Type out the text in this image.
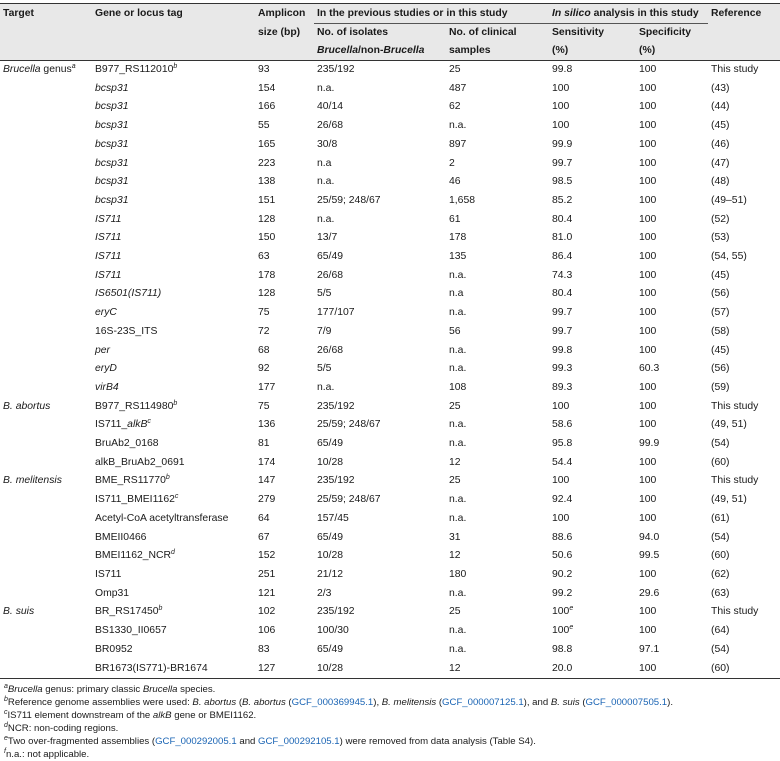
Target	Gene or locus tag	Amplicon	In the previous studies or in this study		In silico analysis in this study		Reference
		size (bp)	No. of isolates	No. of clinical	Sensitivity	Specificity	
			Brucella/non-Brucella	samples	(%)	(%)	
Brucella genus$^a$	B977_RS112010$^b$	93	235/192	25	99.8	100	This study
	bcsp31	154	n.a.	487	100	100	(43)
	bcsp31	166	40/14	62	100	100	(44)
	bcsp31	55	26/68	n.a.	100	100	(45)
	bcsp31	165	30/8	897	99.9	100	(46)
	bcsp31	223	n.a	2	99.7	100	(47)
	bcsp31	138	n.a.	46	98.5	100	(48)
	bcsp31	151	25/59; 248/67	1,658	85.2	100	(49–51)
	IS711	128	n.a.	61	80.4	100	(52)
	IS711	150	13/7	178	81.0	100	(53)
	IS711	63	65/49	135	86.4	100	(54, 55)
	IS711	178	26/68	n.a.	74.3	100	(45)
	IS6501(IS711)	128	5/5	n.a	80.4	100	(56)
	eryC	75	177/107	n.a.	99.7	100	(57)
	16S-23S_ITS	72	7/9	56	99.7	100	(58)
	per	68	26/68	n.a.	99.8	100	(45)
	eryD	92	5/5	n.a.	99.3	60.3	(56)
	virB4	177	n.a.	108	89.3	100	(59)
B. abortus	B977_RS114980$^b$	75	235/192	25	100	100	This study
	IS711_alkB$^c$	136	25/59; 248/67	n.a.	58.6	100	(49, 51)
	BruAb2_0168	81	65/49	n.a.	95.8	99.9	(54)
	alkB_BruAb2_0691	174	10/28	12	54.4	100	(60)
B. melitensis	BME_RS11770$^b$	147	235/192	25	100	100	This study
	IS711_BMEI1162$^c$	279	25/59; 248/67	n.a.	92.4	100	(49, 51)
	Acetyl-CoA acetyltransferase	64	157/45	n.a.	100	100	(61)
	BMEII0466	67	65/49	31	88.6	94.0	(54)
	BMEI1162_NCR$^d$	152	10/28	12	50.6	99.5	(60)
	IS711	251	21/12	180	90.2	100	(62)
	Omp31	121	2/3	n.a.	99.2	29.6	(63)
B. suis	BR_RS17450$^b$	102	235/192	25	100e	100	This study
	BS1330_II0657	106	100/30	n.a.	100e	100	(64)
	BR0952	83	65/49	n.a.	98.8	97.1	(54)
	BR1673(IS771)-BR1674	127	10/28	12	20.0	100	(60)
$^a$Brucella genus: primary classic Brucella species.
$^b$Reference genome assemblies were used: B. abortus (B. abortus (GCF_000369945.1), B. melitensis (GCF_000007125.1), and B. suis (GCF_000007505.1).
$^c$IS711 element downstream of the alkB gene or BMEI1162.
$^d$NCR: non-coding regions.
$^e$Two over-fragmented assemblies (GCF_000292005.1 and GCF_000292105.1) were removed from data analysis (Table S4).
$^f$n.a.: not applicable.
